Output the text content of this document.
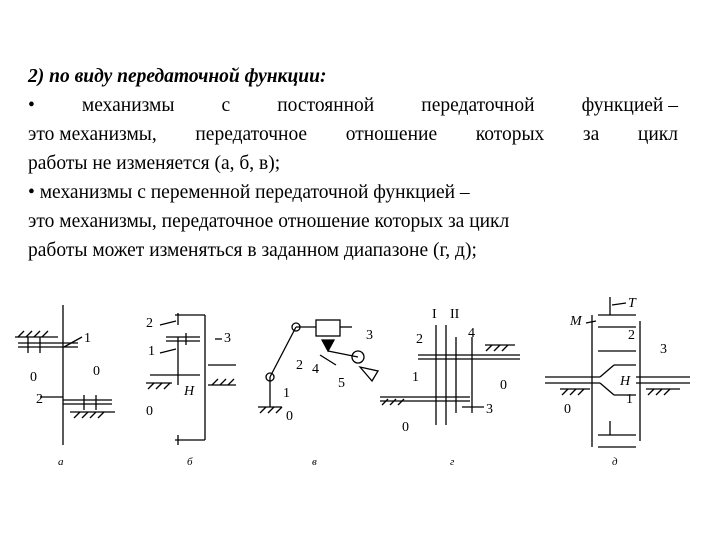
2) по виду передаточной функции:
• механизмы с постоянной передаточной функцией –
это механизмы, передаточное отношение которых за цикл
работы не изменяется (а, б, в);
• механизмы с переменной передаточной функцией –
это механизмы, передаточное отношение которых за цикл
работы может изменяться в заданном диапазоне (г, д);
1
0	0
2
а
2
1
3
H
0
б
3
2 4
5
1
0
в
I II
2	4
1
0
3
0
г
T
M
2
3
H
0
1
д
